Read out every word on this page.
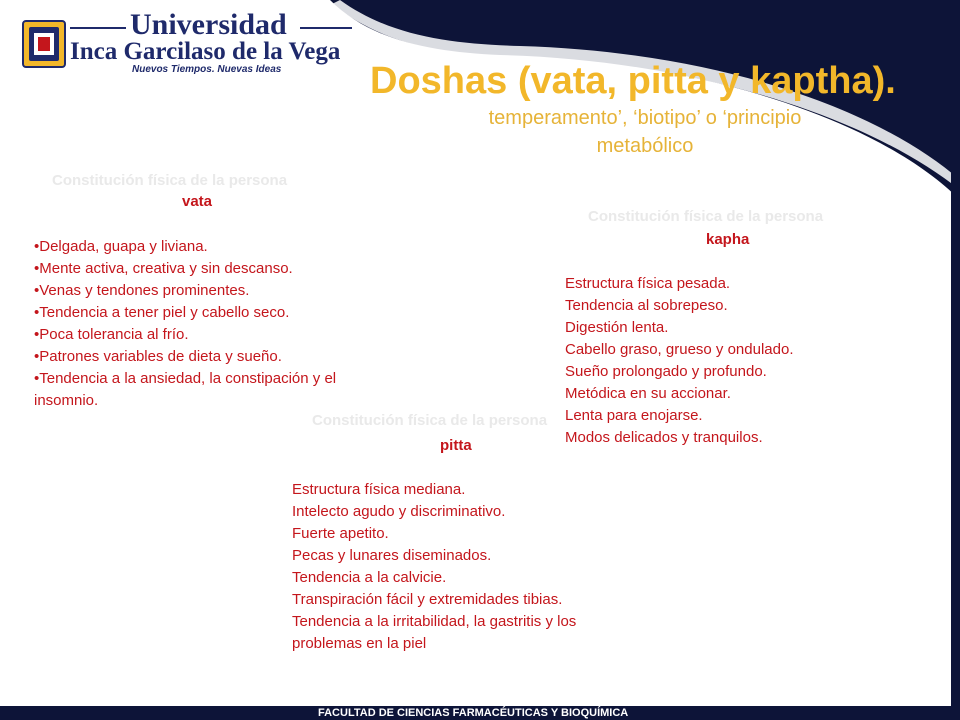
Universidad
Inca Garcilaso de la Vega
Nuevos Tiempos. Nuevas Ideas Doshas (vata, pitta y kaptha).
temperamento’, ‘biotipo’ o ‘principio metabólico
Constitución física de la persona
vata
•Delgada, guapa y liviana.
•Mente activa, creativa y sin descanso.
•Venas y tendones prominentes.
•Tendencia a tener piel y cabello seco.
•Poca tolerancia al frío.
•Patrones variables de dieta y sueño.
•Tendencia a la ansiedad, la constipación y el insomnio.
Constitución física de la persona
kapha
Estructura física pesada.
Tendencia al sobrepeso.
Digestión lenta.
Cabello graso, grueso y ondulado.
Sueño prolongado y profundo.
Metódica en su accionar.
Lenta para enojarse.
Modos delicados y tranquilos.
Constitución física de la persona
pitta
Estructura física mediana.
Intelecto agudo y discriminativo.
Fuerte apetito.
Pecas y lunares diseminados.
Tendencia a la calvicie.
Transpiración fácil y extremidades tibias.
Tendencia a la irritabilidad, la gastritis y los problemas en la piel
FACULTAD DE CIENCIAS FARMACÉUTICAS Y BIOQUÍMICA
